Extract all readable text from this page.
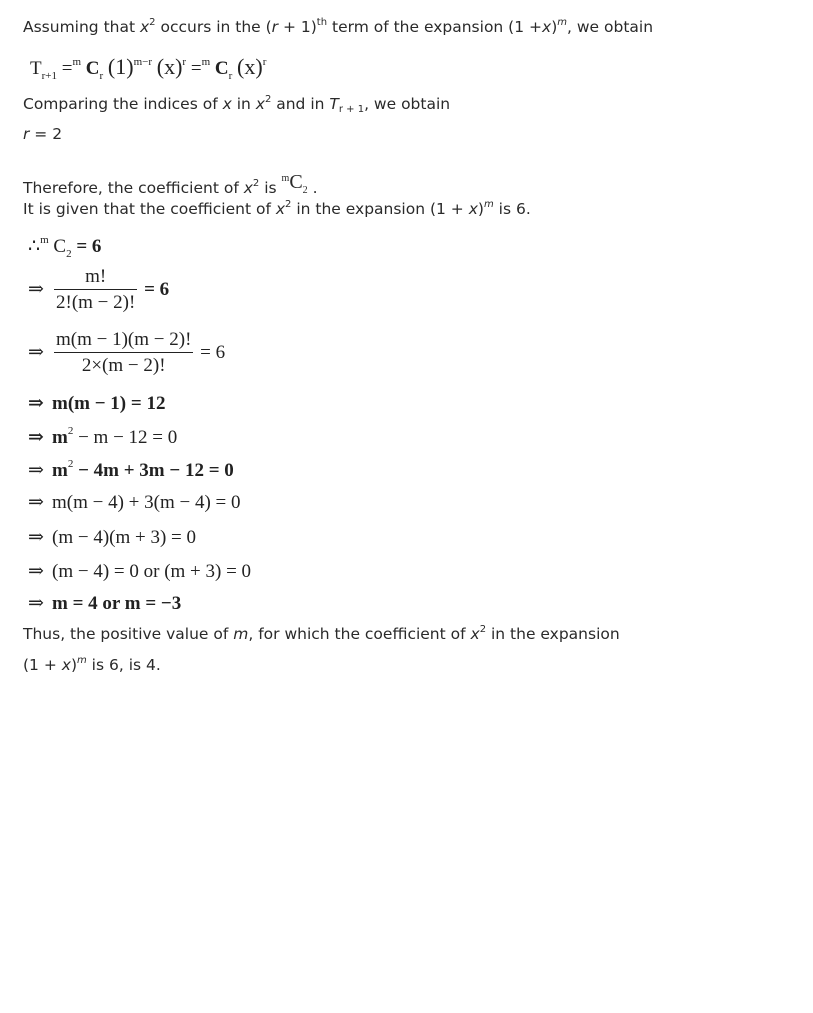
Assuming that $x^2$ occurs in the $(r + 1)^{th}$ term of the expansion $(1 +x)^m$, we obtain
$T_{r+1} =^m$ $C_r$ $(1)^{m-r}$ $(x)^r =^m$ $C_r$ $(x)^r$
Comparing the indices of x in $x^2$ and in $T_{r + 1}$, we obtain
r = 2
Therefore, the coefficient of $x^2$ is $^m$C2 .
It is given that the coefficient of $x^2$ in the expansion $(1 + x)^m$ is 6.
∴$^m$ $C_2 = 6$
⇒ $\frac{m!}{2!(m - 2)!} = 6$
⇒ $\frac{m(m - 1)(m - 2)!}{2\times(m - 2)!} = 6$
⇒ m(m − 1) = 12
⇒ $m^2 - m - 12 = 0$
⇒ $m^2 - 4m + 3m - 12 = 0$
⇒ m(m − 4) + 3(m − 4) = 0
⇒ (m − 4)(m + 3) = 0
⇒ (m − 4) = 0 or (m + 3) = 0
⇒ m = 4 or m = −3
Thus, the positive value of m, for which the coefficient of $x^2$ in the expansion
$(1 + x)^m$ is 6, is 4.
